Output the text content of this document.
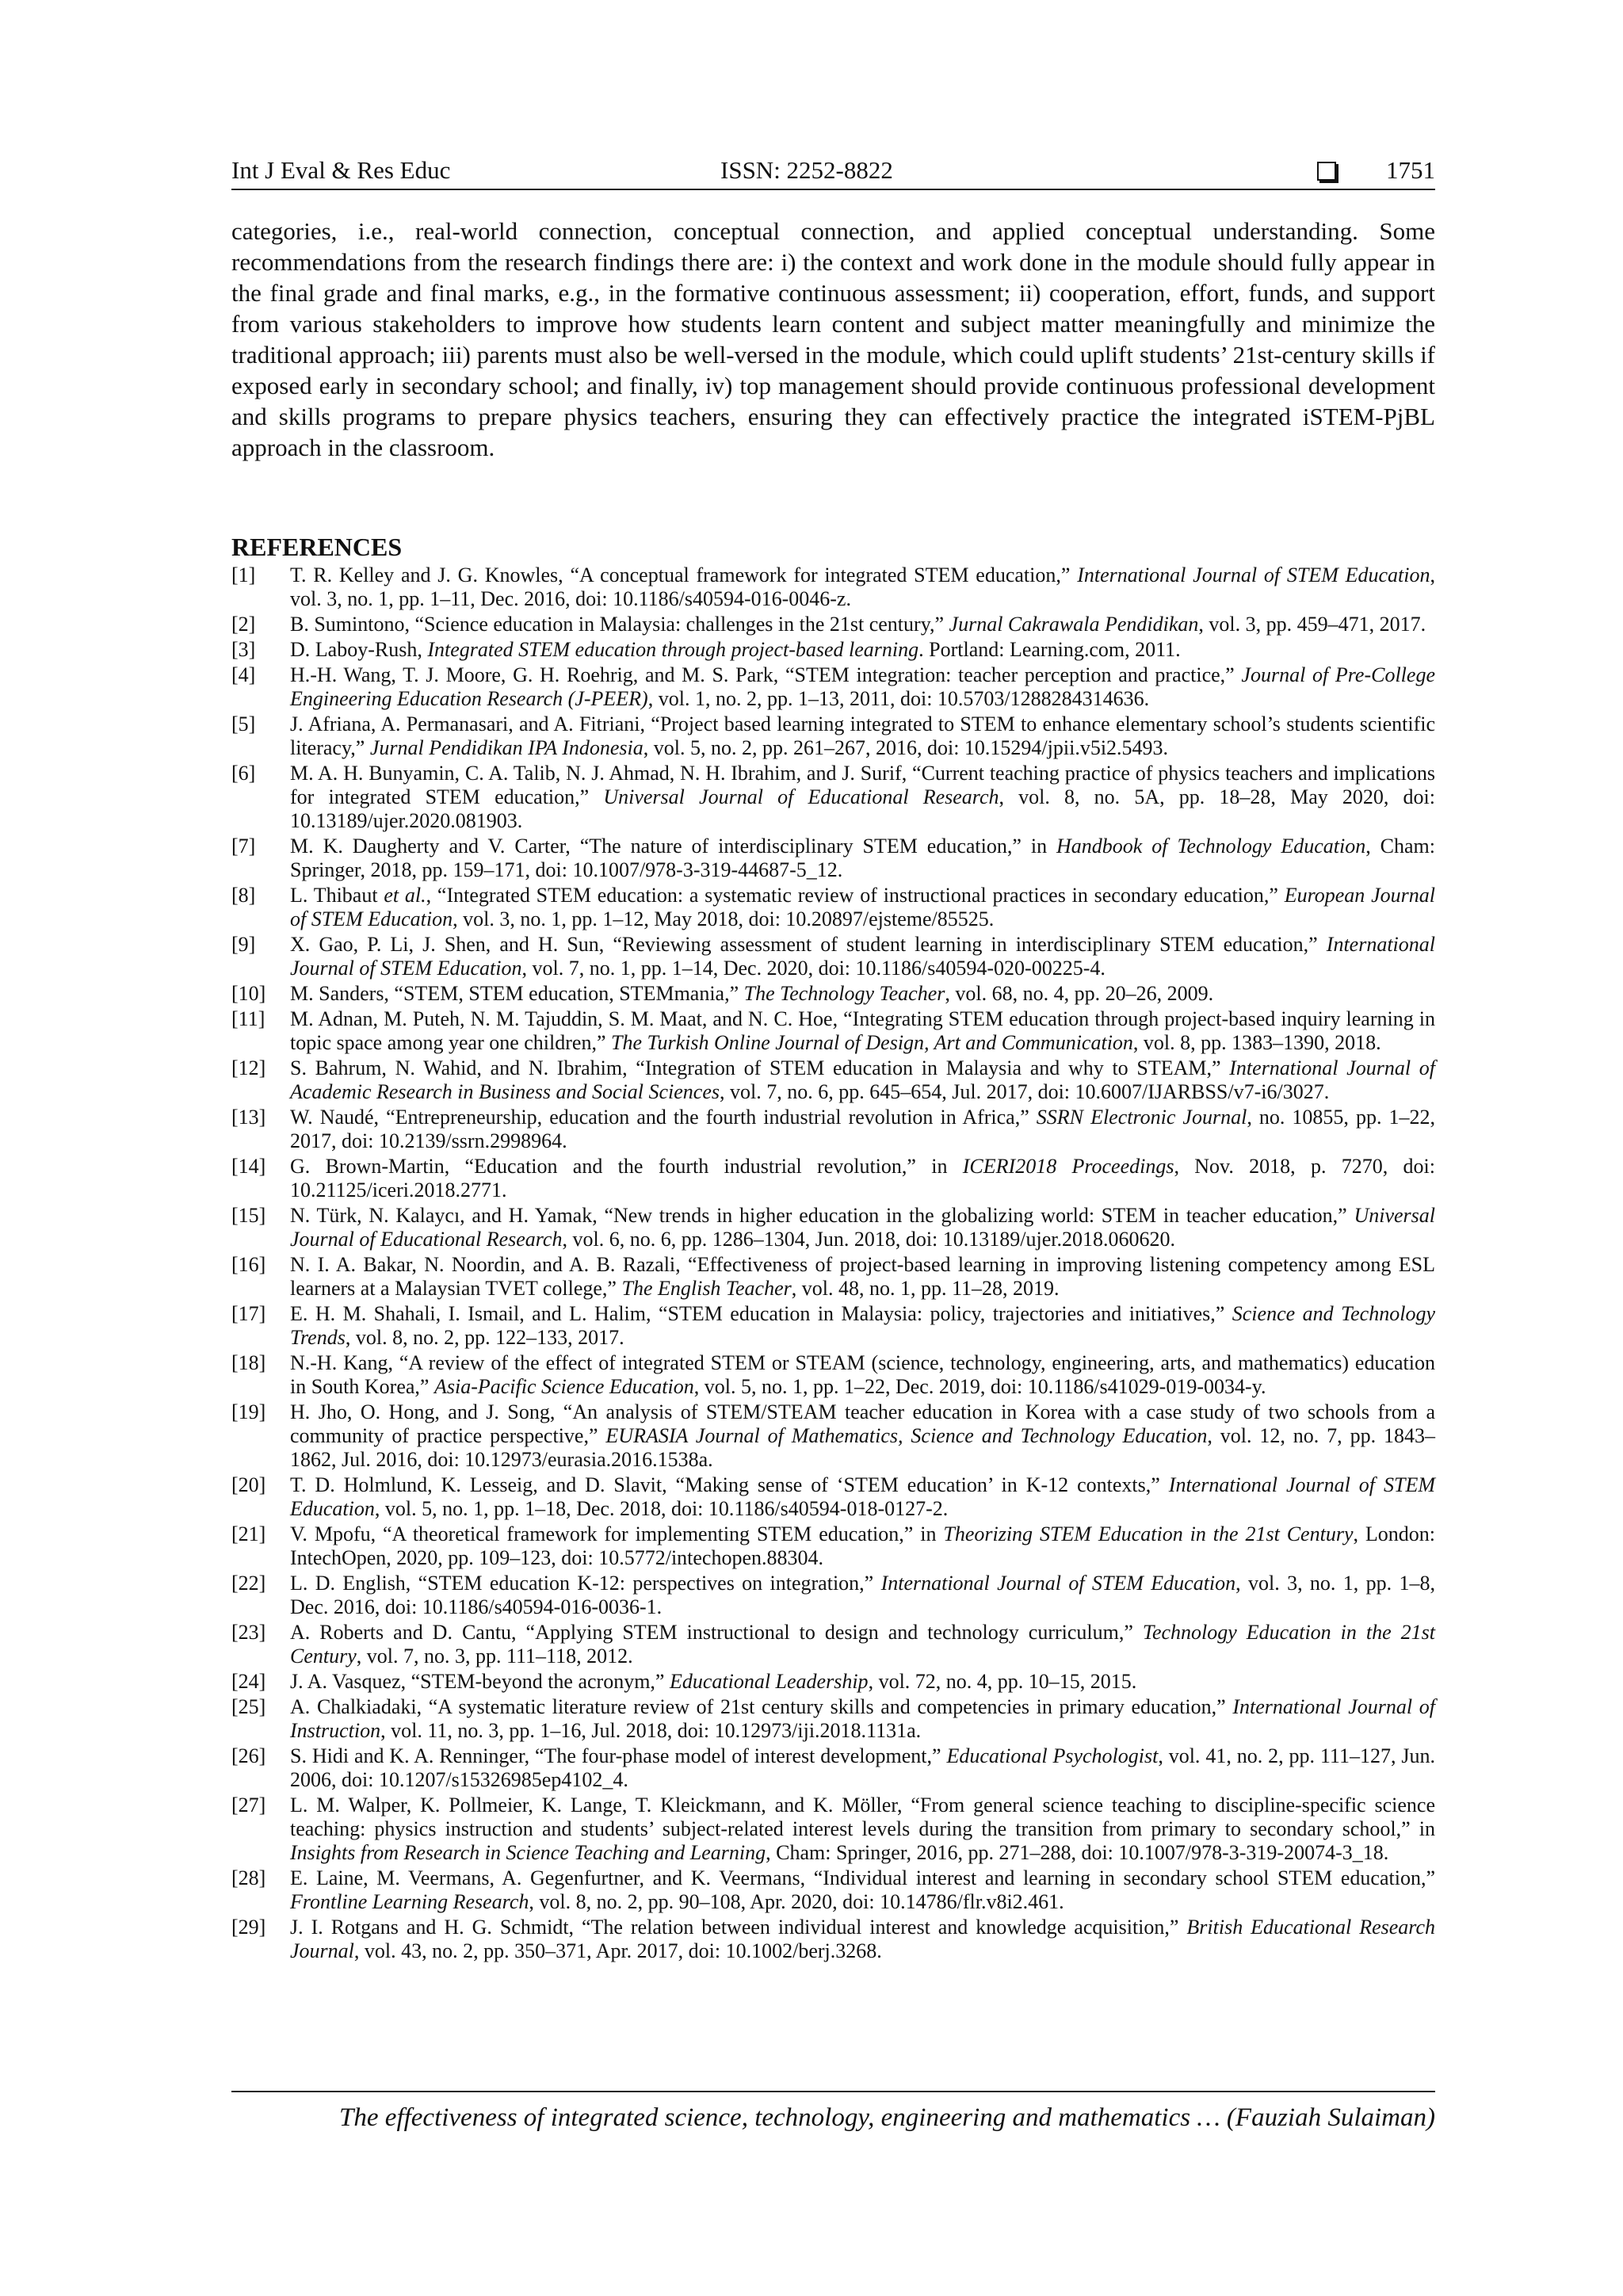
Int J Eval & Res Educ	ISSN: 2252-8822	1751

categories, i.e., real-world connection, conceptual connection, and applied conceptual understanding. Some recommendations from the research findings there are: i) the context and work done in the module should fully appear in the final grade and final marks, e.g., in the formative continuous assessment; ii) cooperation, effort, funds, and support from various stakeholders to improve how students learn content and subject matter meaningfully and minimize the traditional approach; iii) parents must also be well-versed in the module, which could uplift students’ 21st-century skills if exposed early in secondary school; and finally, iv) top management should provide continuous professional development and skills programs to prepare physics teachers, ensuring they can effectively practice the integrated iSTEM-PjBL approach in the classroom.

REFERENCES
[1] T. R. Kelley and J. G. Knowles, “A conceptual framework for integrated STEM education,” International Journal of STEM Education, vol. 3, no. 1, pp. 1–11, Dec. 2016, doi: 10.1186/s40594-016-0046-z.
[2] B. Sumintono, “Science education in Malaysia: challenges in the 21st century,” Jurnal Cakrawala Pendidikan, vol. 3, pp. 459–471, 2017.
[3] D. Laboy-Rush, Integrated STEM education through project-based learning. Portland: Learning.com, 2011.
[4] H.-H. Wang, T. J. Moore, G. H. Roehrig, and M. S. Park, “STEM integration: teacher perception and practice,” Journal of Pre-College Engineering Education Research (J-PEER), vol. 1, no. 2, pp. 1–13, 2011, doi: 10.5703/1288284314636.
[5] J. Afriana, A. Permanasari, and A. Fitriani, “Project based learning integrated to STEM to enhance elementary school’s students scientific literacy,” Jurnal Pendidikan IPA Indonesia, vol. 5, no. 2, pp. 261–267, 2016, doi: 10.15294/jpii.v5i2.5493.
[6] M. A. H. Bunyamin, C. A. Talib, N. J. Ahmad, N. H. Ibrahim, and J. Surif, “Current teaching practice of physics teachers and implications for integrated STEM education,” Universal Journal of Educational Research, vol. 8, no. 5A, pp. 18–28, May 2020, doi: 10.13189/ujer.2020.081903.
[7] M. K. Daugherty and V. Carter, “The nature of interdisciplinary STEM education,” in Handbook of Technology Education, Cham: Springer, 2018, pp. 159–171, doi: 10.1007/978-3-319-44687-5_12.
[8] L. Thibaut et al., “Integrated STEM education: a systematic review of instructional practices in secondary education,” European Journal of STEM Education, vol. 3, no. 1, pp. 1–12, May 2018, doi: 10.20897/ejsteme/85525.
[9] X. Gao, P. Li, J. Shen, and H. Sun, “Reviewing assessment of student learning in interdisciplinary STEM education,” International Journal of STEM Education, vol. 7, no. 1, pp. 1–14, Dec. 2020, doi: 10.1186/s40594-020-00225-4.
[10] M. Sanders, “STEM, STEM education, STEMmania,” The Technology Teacher, vol. 68, no. 4, pp. 20–26, 2009.
[11] M. Adnan, M. Puteh, N. M. Tajuddin, S. M. Maat, and N. C. Hoe, “Integrating STEM education through project-based inquiry learning in topic space among year one children,” The Turkish Online Journal of Design, Art and Communication, vol. 8, pp. 1383–1390, 2018.
[12] S. Bahrum, N. Wahid, and N. Ibrahim, “Integration of STEM education in Malaysia and why to STEAM,” International Journal of Academic Research in Business and Social Sciences, vol. 7, no. 6, pp. 645–654, Jul. 2017, doi: 10.6007/IJARBSS/v7-i6/3027.
[13] W. Naudé, “Entrepreneurship, education and the fourth industrial revolution in Africa,” SSRN Electronic Journal, no. 10855, pp. 1–22, 2017, doi: 10.2139/ssrn.2998964.
[14] G. Brown-Martin, “Education and the fourth industrial revolution,” in ICERI2018 Proceedings, Nov. 2018, p. 7270, doi: 10.21125/iceri.2018.2771.
[15] N. Türk, N. Kalaycı, and H. Yamak, “New trends in higher education in the globalizing world: STEM in teacher education,” Universal Journal of Educational Research, vol. 6, no. 6, pp. 1286–1304, Jun. 2018, doi: 10.13189/ujer.2018.060620.
[16] N. I. A. Bakar, N. Noordin, and A. B. Razali, “Effectiveness of project-based learning in improving listening competency among ESL learners at a Malaysian TVET college,” The English Teacher, vol. 48, no. 1, pp. 11–28, 2019.
[17] E. H. M. Shahali, I. Ismail, and L. Halim, “STEM education in Malaysia: policy, trajectories and initiatives,” Science and Technology Trends, vol. 8, no. 2, pp. 122–133, 2017.
[18] N.-H. Kang, “A review of the effect of integrated STEM or STEAM (science, technology, engineering, arts, and mathematics) education in South Korea,” Asia-Pacific Science Education, vol. 5, no. 1, pp. 1–22, Dec. 2019, doi: 10.1186/s41029-019-0034-y.
[19] H. Jho, O. Hong, and J. Song, “An analysis of STEM/STEAM teacher education in Korea with a case study of two schools from a community of practice perspective,” EURASIA Journal of Mathematics, Science and Technology Education, vol. 12, no. 7, pp. 1843–1862, Jul. 2016, doi: 10.12973/eurasia.2016.1538a.
[20] T. D. Holmlund, K. Lesseig, and D. Slavit, “Making sense of ‘STEM education’ in K-12 contexts,” International Journal of STEM Education, vol. 5, no. 1, pp. 1–18, Dec. 2018, doi: 10.1186/s40594-018-0127-2.
[21] V. Mpofu, “A theoretical framework for implementing STEM education,” in Theorizing STEM Education in the 21st Century, London: IntechOpen, 2020, pp. 109–123, doi: 10.5772/intechopen.88304.
[22] L. D. English, “STEM education K-12: perspectives on integration,” International Journal of STEM Education, vol. 3, no. 1, pp. 1–8, Dec. 2016, doi: 10.1186/s40594-016-0036-1.
[23] A. Roberts and D. Cantu, “Applying STEM instructional to design and technology curriculum,” Technology Education in the 21st Century, vol. 7, no. 3, pp. 111–118, 2012.
[24] J. A. Vasquez, “STEM-beyond the acronym,” Educational Leadership, vol. 72, no. 4, pp. 10–15, 2015.
[25] A. Chalkiadaki, “A systematic literature review of 21st century skills and competencies in primary education,” International Journal of Instruction, vol. 11, no. 3, pp. 1–16, Jul. 2018, doi: 10.12973/iji.2018.1131a.
[26] S. Hidi and K. A. Renninger, “The four-phase model of interest development,” Educational Psychologist, vol. 41, no. 2, pp. 111–127, Jun. 2006, doi: 10.1207/s15326985ep4102_4.
[27] L. M. Walper, K. Pollmeier, K. Lange, T. Kleickmann, and K. Möller, “From general science teaching to discipline-specific science teaching: physics instruction and students’ subject-related interest levels during the transition from primary to secondary school,” in Insights from Research in Science Teaching and Learning, Cham: Springer, 2016, pp. 271–288, doi: 10.1007/978-3-319-20074-3_18.
[28] E. Laine, M. Veermans, A. Gegenfurtner, and K. Veermans, “Individual interest and learning in secondary school STEM education,” Frontline Learning Research, vol. 8, no. 2, pp. 90–108, Apr. 2020, doi: 10.14786/flr.v8i2.461.
[29] J. I. Rotgans and H. G. Schmidt, “The relation between individual interest and knowledge acquisition,” British Educational Research Journal, vol. 43, no. 2, pp. 350–371, Apr. 2017, doi: 10.1002/berj.3268.
The effectiveness of integrated science, technology, engineering and mathematics … (Fauziah Sulaiman)
